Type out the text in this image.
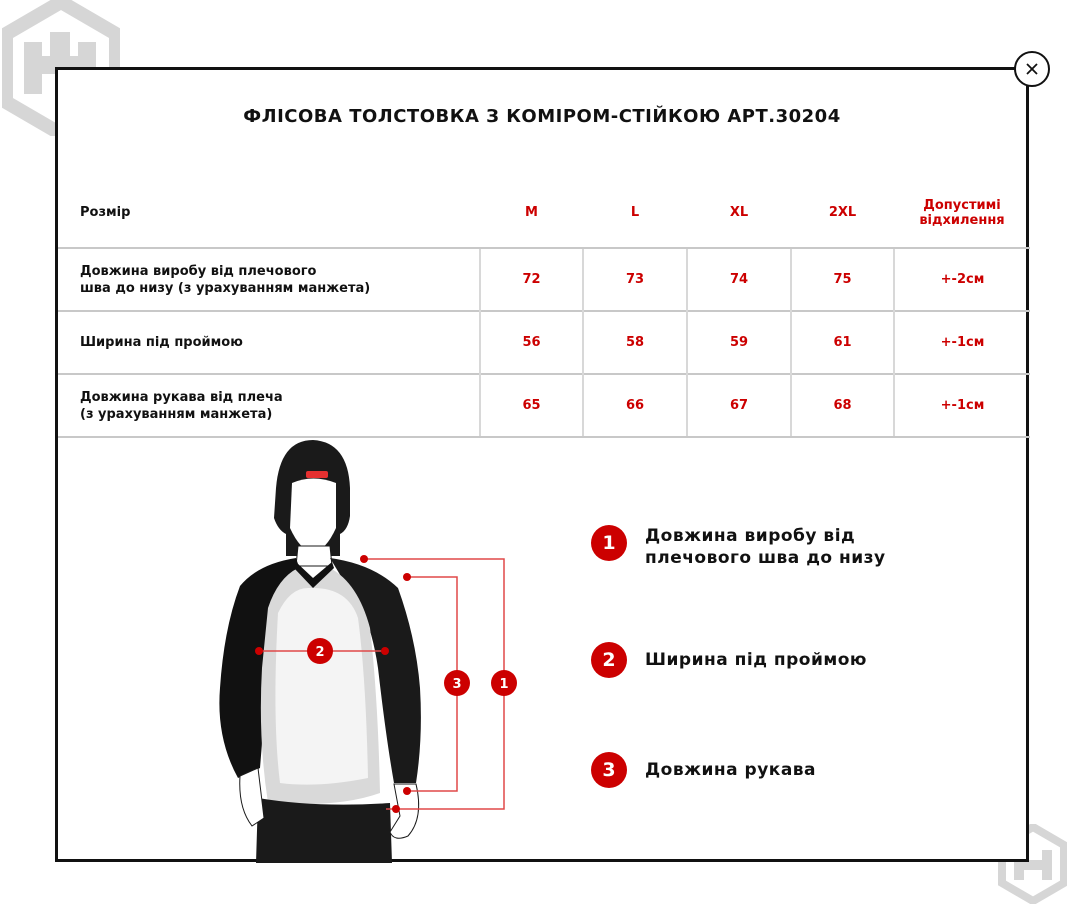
ФЛІСОВА ТОЛСТОВКА З КОМІРОМ-СТІЙКОЮ АРТ.30204
Розмір	M	L	XL	2XL	Допустимі
відхилення

Довжина виробу від плечового
шва до низу (з урахуванням манжета)	72	73	74	75	+-2см

Ширина під проймою	56	58	59	61	+-1см

Довжина рукава від плеча
(з урахуванням манжета)	65	66	67	68	+-1см
2
3	1
1	Довжина виробу від
плечового шва до низу
2	Ширина під проймою
3	Довжина рукава
